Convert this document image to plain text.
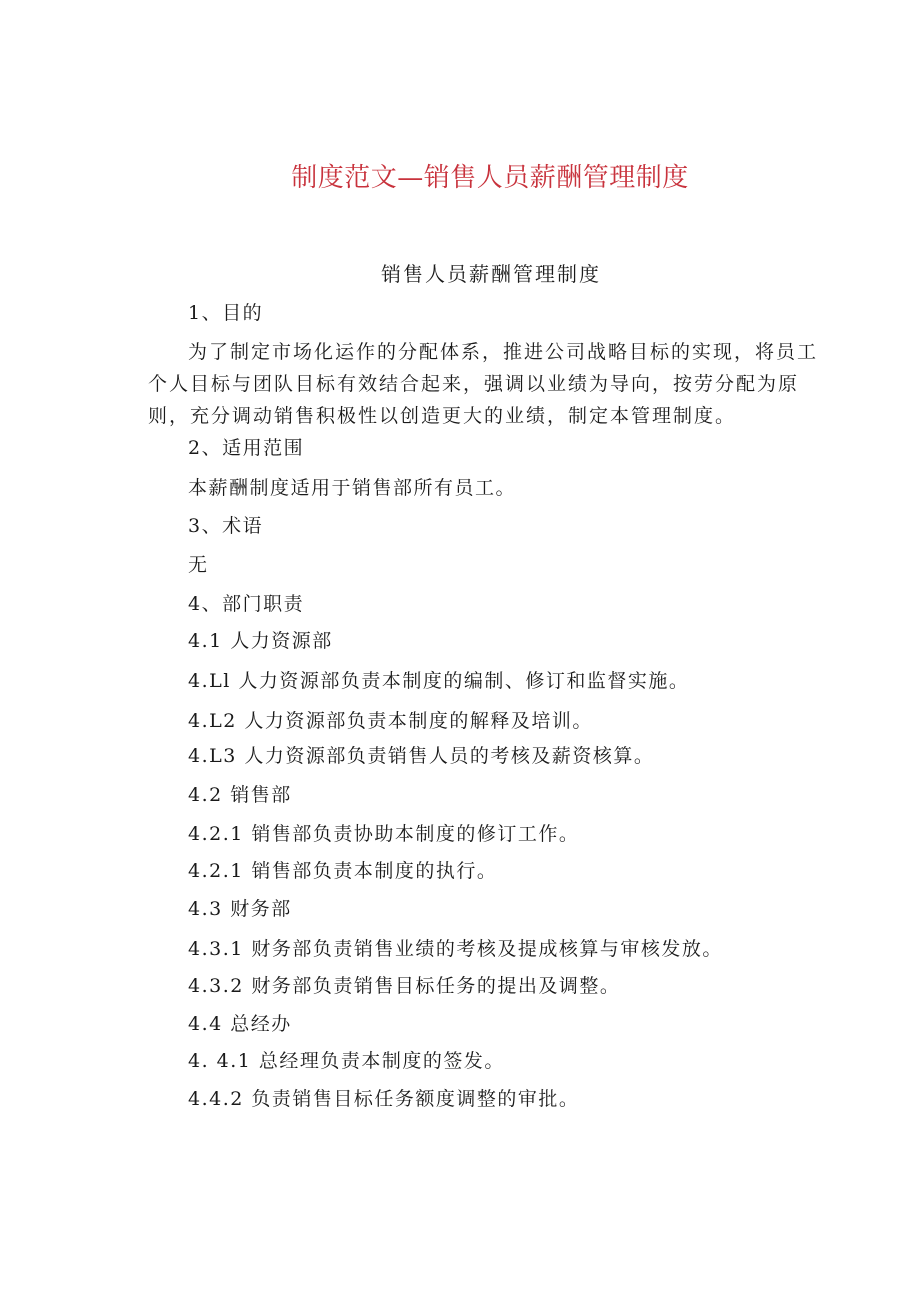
制度范文—销售人员薪酬管理制度
销售人员薪酬管理制度
1、目的
为了制定市场化运作的分配体系，推进公司战略目标的实现，将员工个人目标与团队目标有效结合起来，强调以业绩为导向，按劳分配为原则，充分调动销售积极性以创造更大的业绩，制定本管理制度。
2、适用范围
本薪酬制度适用于销售部所有员工。
3、术语
无
4、部门职责
4.1 人力资源部
4.Ll 人力资源部负责本制度的编制、修订和监督实施。
4.L2 人力资源部负责本制度的解释及培训。
4.L3 人力资源部负责销售人员的考核及薪资核算。
4.2 销售部
4.2.1 销售部负责协助本制度的修订工作。
4.2.1 销售部负责本制度的执行。
4.3 财务部
4.3.1 财务部负责销售业绩的考核及提成核算与审核发放。
4.3.2 财务部负责销售目标任务的提出及调整。
4.4 总经办
4. 4.1 总经理负责本制度的签发。
4.4.2 负责销售目标任务额度调整的审批。
